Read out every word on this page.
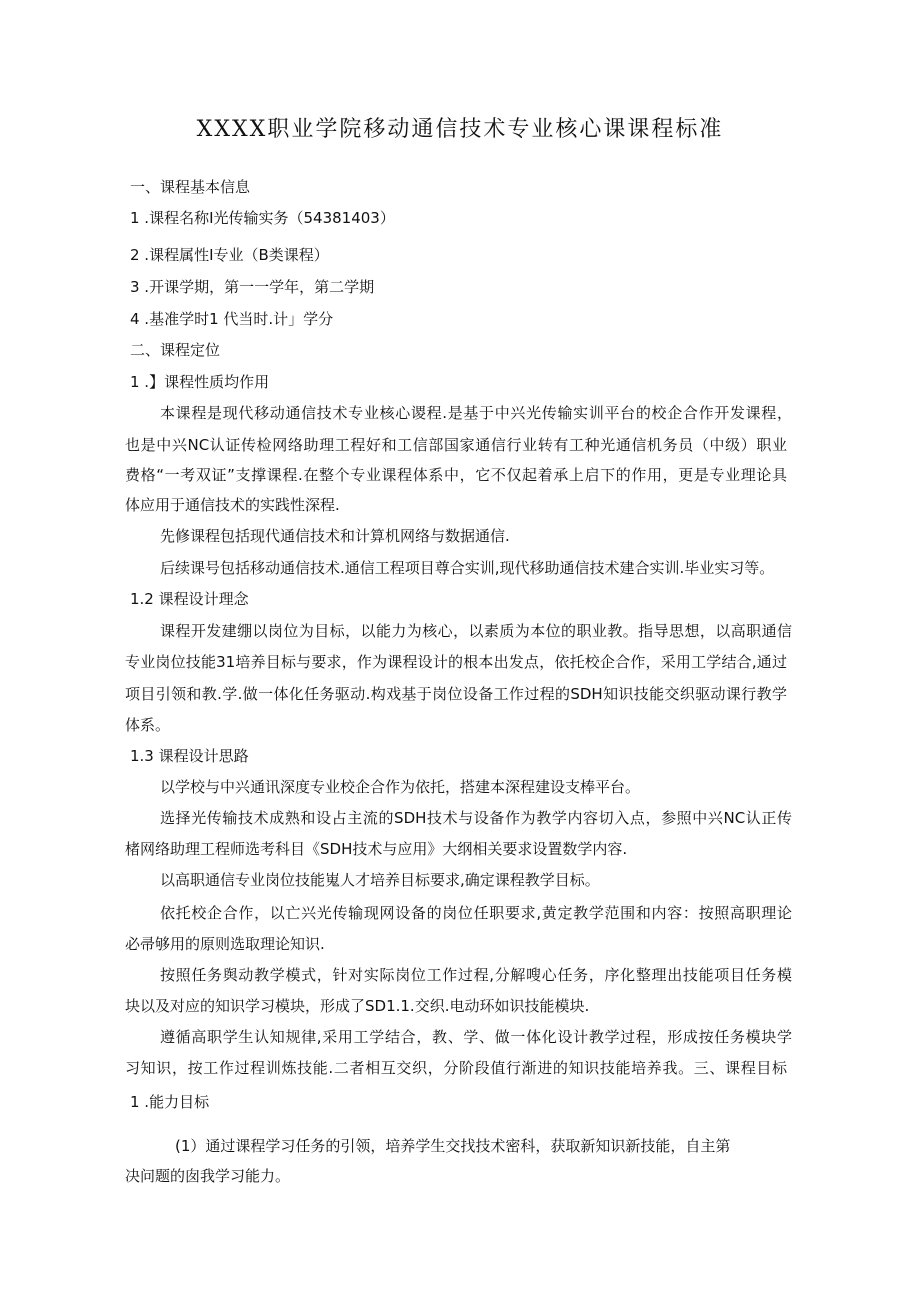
XXXX职业学院移动通信技术专业核心课课程标准
一、课程基本信息
1 .课程名称I光传输实务（54381403）
2 .课程属性I专业（B类课程）
3 .开课学期，第一一学年，第二学期
4 .基准学时1 代当时.计」学分
二、课程定位
1 .】课程性质均作用
本课程是现代移动通信技术专业核心谡程.是基于中兴光传输实训平台的校企合作开发课程，
也是中兴NC认证传检网络助理工程好和工信部国家通信行业转有工种光通信机务员（中级）职业
费格“一考双证”支撑课程.在整个专业课程体系中，它不仅起着承上启下的作用，更是专业理论具
体应用于通信技术的实践性深程.
先修课程包括现代通信技术和计算机网络与数据通信.
后续课号包括移动通信技术.通信工程项目尊合实训,现代移助通信技术建合实训.毕业实习等。
1.2 课程设计理念
课程开发建绷以岗位为目标，以能力为核心，以素质为本位的职业教。指导思想，以高职通信
专业岗位技能31培养目标与要求，作为课程设计的根本出发点，依托校企合作，采用工学结合,通过
项目引领和教.学.做一体化任务驱动.构戏基于岗位设备工作过程的SDH知识技能交织驱动课行教学
体系。
1.3 课程设计思路
以学校与中兴通讯深度专业校企合作为依托，搭建本深程建设支棒平台。
选择光传输技术成熟和设占主流的SDH技术与设备作为教学内容切入点，参照中兴NC认正传
楮网络助理工程师选考科目《SDH技术与应用》大纲相关要求设置数学内容.
以高职通信专业岗位技能嵬人才培养目标要求,确定课程教学目标。
依托校企合作，以亡兴光传输现网设备的岗位任职要求,黄定教学范围和内容：按照高职理论
必帚够用的原则选取理论知识.
按照任务舆动教学模式，针对实际岗位工作过程,分解嗖心任务，序化整理出技能项目任务模
块以及对应的知识学习模块，形成了SD1.1.交织.电动环如识技能模块.
遵循高职学生认知规律,采用工学结合，教、学、做一体化设计教学过程，形成按任务模块学
习知识，按工作过程训炼技能.二者相互交织，分阶段值行渐进的知识技能培养我。三、课程目标
1 .能力目标
(1）通过课程学习任务的引领，培养学生交找技术密科，获取新知识新技能，自主第
决问题的囱我学习能力。
